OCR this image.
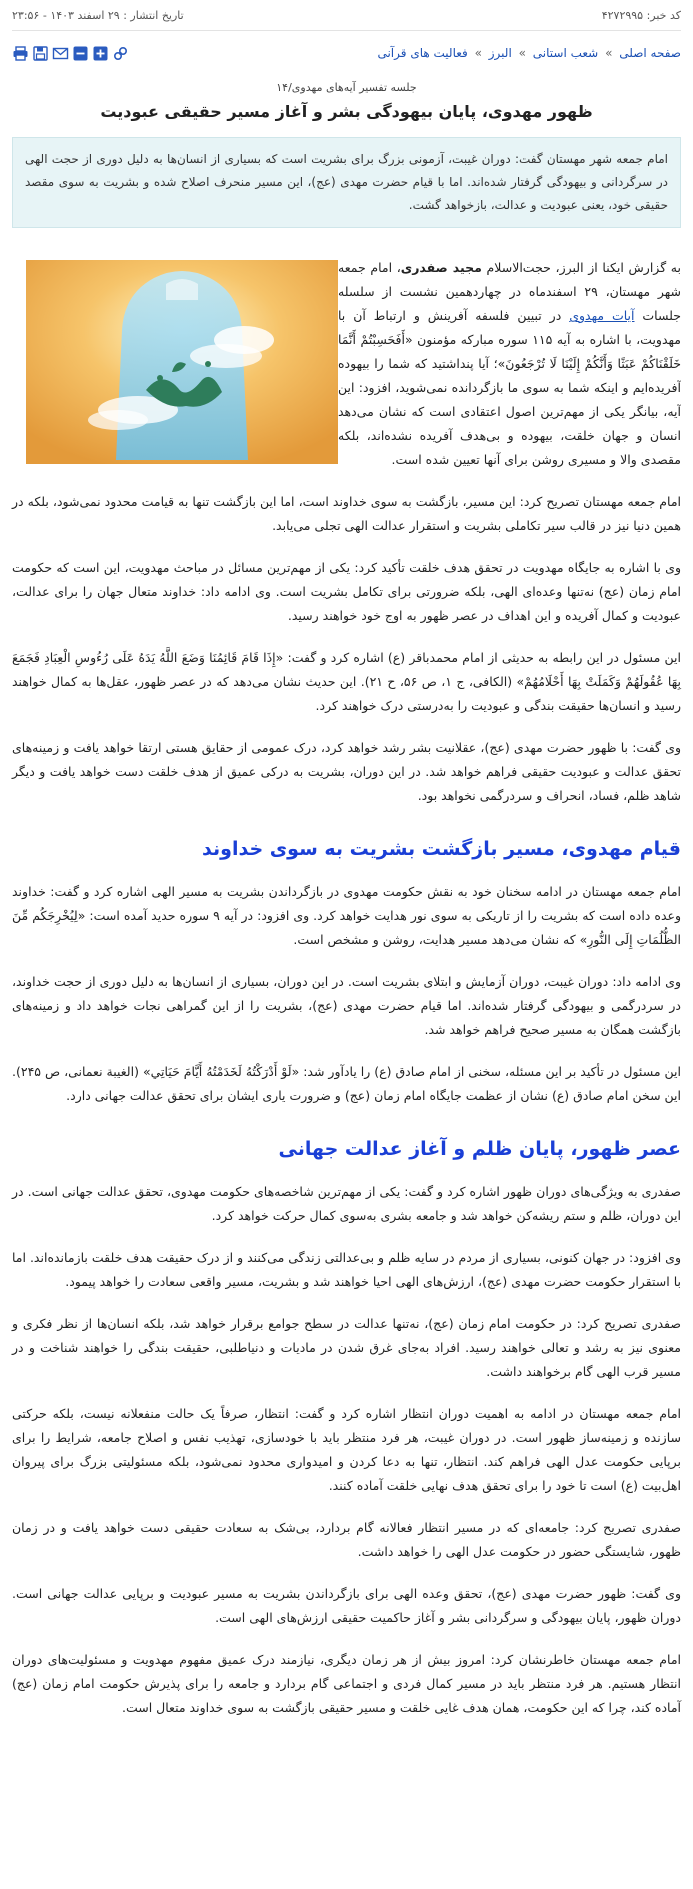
کد خبر: ۴۲۷۲۹۹۵
تاریخ انتشار : ۲۹ اسفند ۱۴۰۳ - ۲۳:۵۶
صفحه اصلی » شعب استانی » البرز » فعالیت های قرآنی
جلسه تفسیر آیه‌های مهدوی/۱۴
ظهور مهدوی، پایان بیهودگی بشر و آغاز مسیر حقیقی عبودیت
امام جمعه شهر مهستان گفت: دوران غیبت، آزمونی بزرگ برای بشریت است که بسیاری از انسان‌ها به دلیل دوری از حجت الهی در سرگردانی و بیهودگی گرفتار شده‌اند. اما با قیام حضرت مهدی (عج)، این مسیر منحرف اصلاح شده و بشریت به سوی مقصد حقیقی خود، یعنی عبودیت و عدالت، بازخواهد گشت.
به گزارش ایکنا از البرز، حجت‌الاسلام مجید صفدری، امام جمعه شهر مهستان، ۲۹ اسفندماه در چهاردهمین نشست از سلسله جلسات آیات مهدوی در تبیین فلسفه آفرینش و ارتباط آن با مهدویت، با اشاره به آیه ۱۱۵ سوره مبارکه مؤمنون «أَفَحَسِبْتُمْ أَنَّمَا خَلَقْنَاكُمْ عَبَثًا وَأَنَّكُمْ إِلَيْنَا لَا تُرْجَعُونَ»؛ آیا پنداشتید که شما را بیهوده آفریده‌ایم و اینکه شما به سوی ما بازگردانده نمی‌شوید، افزود: این آیه، بیانگر یکی از مهم‌ترین اصول اعتقادی است که نشان می‌دهد انسان و جهان خلقت، بیهوده و بی‌هدف آفریده نشده‌اند، بلکه مقصدی والا و مسیری روشن برای آنها تعیین شده است.

امام جمعه مهستان تصریح کرد: این مسیر، بازگشت به سوی خداوند است، اما این بازگشت تنها به قیامت محدود نمی‌شود، بلکه در همین دنیا نیز در قالب سیر تکاملی بشریت و استقرار عدالت الهی تجلی می‌یابد.

وی با اشاره به جایگاه مهدویت در تحقق هدف خلقت تأکید کرد: یکی از مهم‌ترین مسائل در مباحث مهدویت، این است که حکومت امام زمان (عج) نه‌تنها وعده‌ای الهی، بلکه ضرورتی برای تکامل بشریت است. وی ادامه داد: خداوند متعال جهان را برای عدالت، عبودیت و کمال آفریده و این اهداف در عصر ظهور به اوج خود خواهند رسید.

این مسئول در این رابطه به حدیثی از امام محمدباقر (ع) اشاره کرد و گفت: «إِذَا قَامَ قَائِمُنَا وَضَعَ اللَّهُ يَدَهُ عَلَى رُءُوسِ الْعِبَادِ فَجَمَعَ بِهَا عُقُولَهُمْ وَكَمَلَتْ بِهَا أَحْلَامُهُمْ» (الکافی، ج ۱، ص ۵۶، ح ۲۱). این حدیث نشان می‌دهد که در عصر ظهور، عقل‌ها به کمال خواهند رسید و انسان‌ها حقیقت بندگی و عبودیت را به‌درستی درک خواهند کرد.

وی گفت: با ظهور حضرت مهدی (عج)، عقلانیت بشر رشد خواهد کرد، درک عمومی از حقایق هستی ارتقا خواهد یافت و زمینه‌های تحقق عدالت و عبودیت حقیقی فراهم خواهد شد. در این دوران، بشریت به درکی عمیق از هدف خلقت دست خواهد یافت و دیگر شاهد ظلم، فساد، انحراف و سردرگمی نخواهد بود.

قیام مهدوی، مسیر بازگشت بشریت به سوی خداوند

امام جمعه مهستان در ادامه سخنان خود به نقش حکومت مهدوی در بازگرداندن بشریت به مسیر الهی اشاره کرد و گفت: خداوند وعده داده است که بشریت را از تاریکی به سوی نور هدایت خواهد کرد. وی افزود: در آیه ۹ سوره حدید آمده است: «لِيُخْرِجَكُم مِّنَ الظُّلُمَاتِ إِلَى النُّورِ» که نشان می‌دهد مسیر هدایت، روشن و مشخص است.

وی ادامه داد: دوران غیبت، دوران آزمایش و ابتلای بشریت است. در این دوران، بسیاری از انسان‌ها به دلیل دوری از حجت خداوند، در سردرگمی و بیهودگی گرفتار شده‌اند. اما قیام حضرت مهدی (عج)، بشریت را از این گمراهی نجات خواهد داد و زمینه‌های بازگشت همگان به مسیر صحیح فراهم خواهد شد.

این مسئول در تأکید بر این مسئله، سخنی از امام صادق (ع) را یادآور شد: «لَوْ أَدْرَكْتُهُ لَخَدَمْتُهُ أَيَّامَ حَيَاتِي» (الغیبة نعمانی، ص ۲۴۵). این سخن امام صادق (ع) نشان از عظمت جایگاه امام زمان (عج) و ضرورت یاری ایشان برای تحقق عدالت جهانی دارد.

عصر ظهور، پایان ظلم و آغاز عدالت جهانی

صفدری به ویژگی‌های دوران ظهور اشاره کرد و گفت: یکی از مهم‌ترین شاخصه‌های حکومت مهدوی، تحقق عدالت جهانی است. در این دوران، ظلم و ستم ریشه‌کن خواهد شد و جامعه بشری به‌سوی کمال حرکت خواهد کرد.

وی افزود: در جهان کنونی، بسیاری از مردم در سایه ظلم و بی‌عدالتی زندگی می‌کنند و از درک حقیقت هدف خلقت بازمانده‌اند. اما با استقرار حکومت حضرت مهدی (عج)، ارزش‌های الهی احیا خواهند شد و بشریت، مسیر واقعی سعادت را خواهد پیمود.

صفدری تصریح کرد: در حکومت امام زمان (عج)، نه‌تنها عدالت در سطح جوامع برقرار خواهد شد، بلکه انسان‌ها از نظر فکری و معنوی نیز به رشد و تعالی خواهند رسید. افراد به‌جای غرق شدن در مادیات و دنیاطلبی، حقیقت بندگی را خواهند شناخت و در مسیر قرب الهی گام برخواهند داشت.

امام جمعه مهستان در ادامه به اهمیت دوران انتظار اشاره کرد و گفت: انتظار، صرفاً یک حالت منفعلانه نیست، بلکه حرکتی سازنده و زمینه‌ساز ظهور است. در دوران غیبت، هر فرد منتظر باید با خودسازی، تهذیب نفس و اصلاح جامعه، شرایط را برای برپایی حکومت عدل الهی فراهم کند. انتظار، تنها به دعا کردن و امیدواری محدود نمی‌شود، بلکه مسئولیتی بزرگ برای پیروان اهل‌بیت (ع) است تا خود را برای تحقق هدف نهایی خلقت آماده کنند.

صفدری تصریح کرد: جامعه‌ای که در مسیر انتظار فعالانه گام بردارد، بی‌شک به سعادت حقیقی دست خواهد یافت و در زمان ظهور، شایستگی حضور در حکومت عدل الهی را خواهد داشت.

وی گفت: ظهور حضرت مهدی (عج)، تحقق وعده الهی برای بازگرداندن بشریت به مسیر عبودیت و برپایی عدالت جهانی است. دوران ظهور، پایان بیهودگی و سرگردانی بشر و آغاز حاکمیت حقیقی ارزش‌های الهی است.

امام جمعه مهستان خاطرنشان کرد: امروز بیش از هر زمان دیگری، نیازمند درک عمیق مفهوم مهدویت و مسئولیت‌های دوران انتظار هستیم. هر فرد منتظر باید در مسیر کمال فردی و اجتماعی گام بردارد و جامعه را برای پذیرش حکومت امام زمان (عج) آماده کند، چرا که این حکومت، همان هدف غایی خلقت و مسیر حقیقی بازگشت به سوی خداوند متعال است.
